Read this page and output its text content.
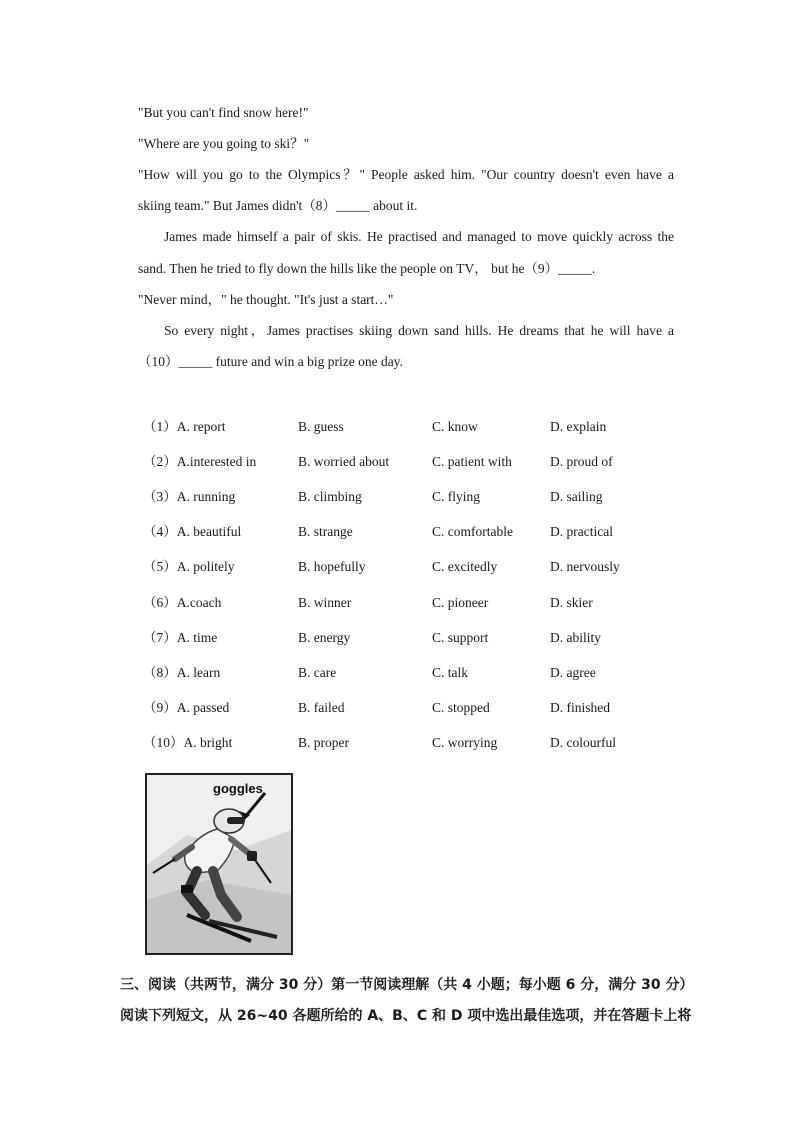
"But you can't find snow here!"
"Where are you going to ski？"
"How will you go to the Olympics？" People asked him. "Our country doesn't even have a
skiing team." But James didn't（8）_____ about it.
James made himself a pair of skis. He practised and managed to move quickly across the
sand. Then he tried to fly down the hills like the people on TV， but he（9）_____.
"Never mind，" he thought. "It's just a start…"
So every night，James practises skiing down sand hills. He dreams that he will have a
（10）_____ future and win a big prize one day.
（1）A. report	B. guess	C. know	D. explain
（2）A.interested in	B. worried about	C. patient with	D. proud of
（3）A. running	B. climbing	C. flying	D. sailing
（4）A. beautiful	B. strange	C. comfortable	D. practical
（5）A. politely	B. hopefully	C. excitedly	D. nervously
（6）A.coach	B. winner	C. pioneer	D. skier
（7）A. time	B. energy	C. support	D. ability
（8）A. learn	B. care	C. talk	D. agree
（9）A. passed	B. failed	C. stopped	D. finished
（10）A. bright	B. proper	C. worrying	D. colourful
goggles
三、阅读（共两节，满分 30 分）第一节阅读理解（共 4 小题；每小题 6 分，满分 30 分）
阅读下列短文，从 26~40 各题所给的 A、B、C 和 D 项中选出最佳选项，并在答题卡上将
